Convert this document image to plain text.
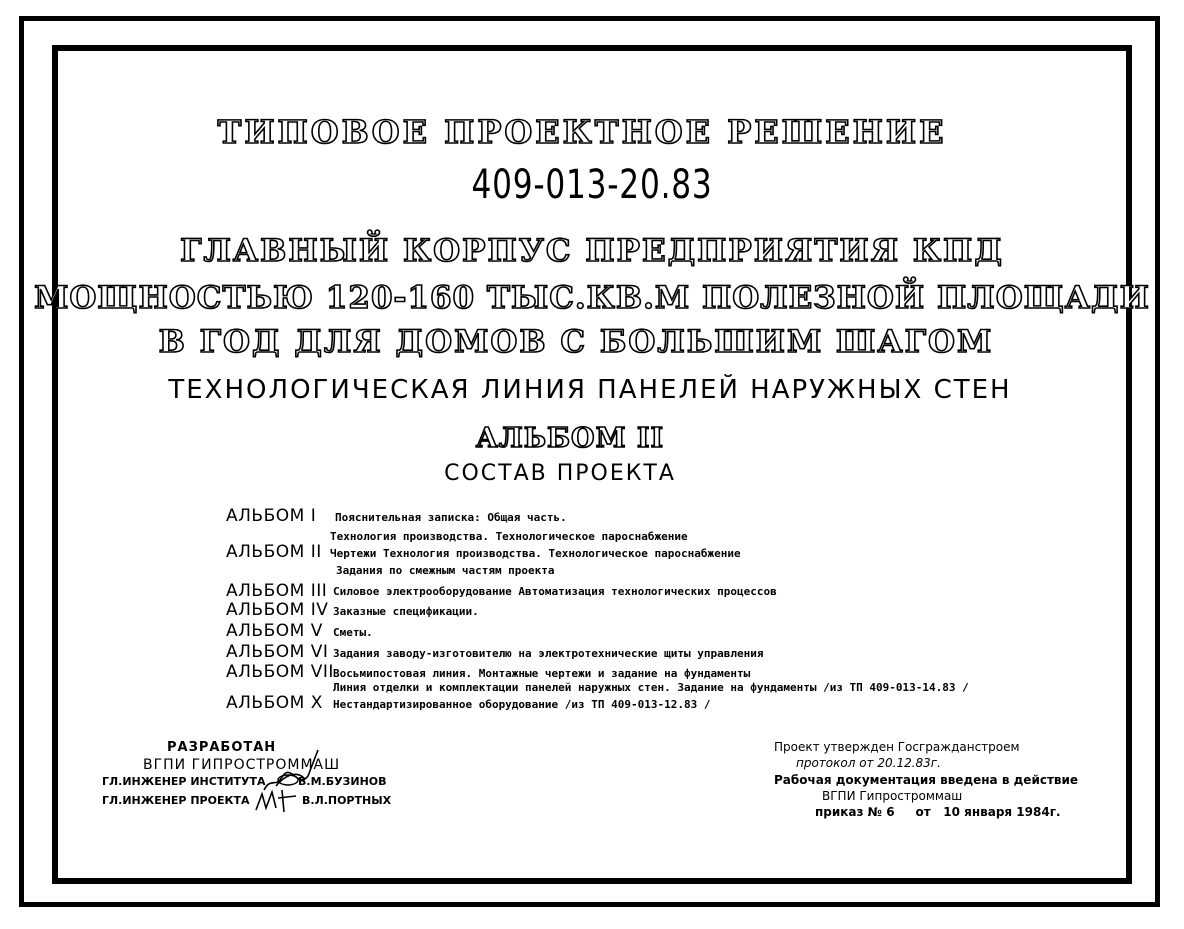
ТИПОВОЕ ПРОЕКТНОЕ РЕШЕНИЕ
409-013-20.83
ГЛАВНЫЙ КОРПУС ПРЕДПРИЯТИЯ КПД
МОЩНОСТЬЮ 120-160 ТЫС.КВ.М ПОЛЕЗНОЙ ПЛОЩАДИ
В ГОД ДЛЯ ДОМОВ С БОЛЬШИМ ШАГОМ
ТЕХНОЛОГИЧЕСКАЯ ЛИНИЯ ПАНЕЛЕЙ НАРУЖНЫХ СТЕН
АЛЬБОМ II
СОСТАВ ПРОЕКТА
АЛЬБОМ I Пояснительная записка: Общая часть.
Технология производства. Технологическое пароснабжение
АЛЬБОМ II Чертежи Технология производства. Технологическое пароснабжение
Задания по смежным частям проекта
АЛЬБОМ III Силовое электрооборудование Автоматизация технологических процессов
АЛЬБОМ IV Заказные спецификации.
АЛЬБОМ V Сметы.
АЛЬБОМ VI Задания заводу-изготовителю на электротехнические щиты управления
АЛЬБОМ VII Восьмипостовая линия. Монтажные чертежи и задание на фундаменты
Линия отделки и комплектации панелей наружных стен. Задание на фундаменты /из ТП 409-013-14.83 /
АЛЬБОМ X Нестандартизированное оборудование /из ТП 409-013-12.83 /
РАЗРАБОТАН
ВГПИ ГИПРОСТРОММАШ
ГЛ.ИНЖЕНЕР ИНСТИТУТА	В.М.БУЗИНОВ
ГЛ.ИНЖЕНЕР ПРОЕКТА	В.Л.ПОРТНЫХ
Проект утвержден Госгражданстроем
протокол от 20.12.83г.
Рабочая документация введена в действие
ВГПИ Гипростроммаш
приказ № 6     от   10 января 1984г.
